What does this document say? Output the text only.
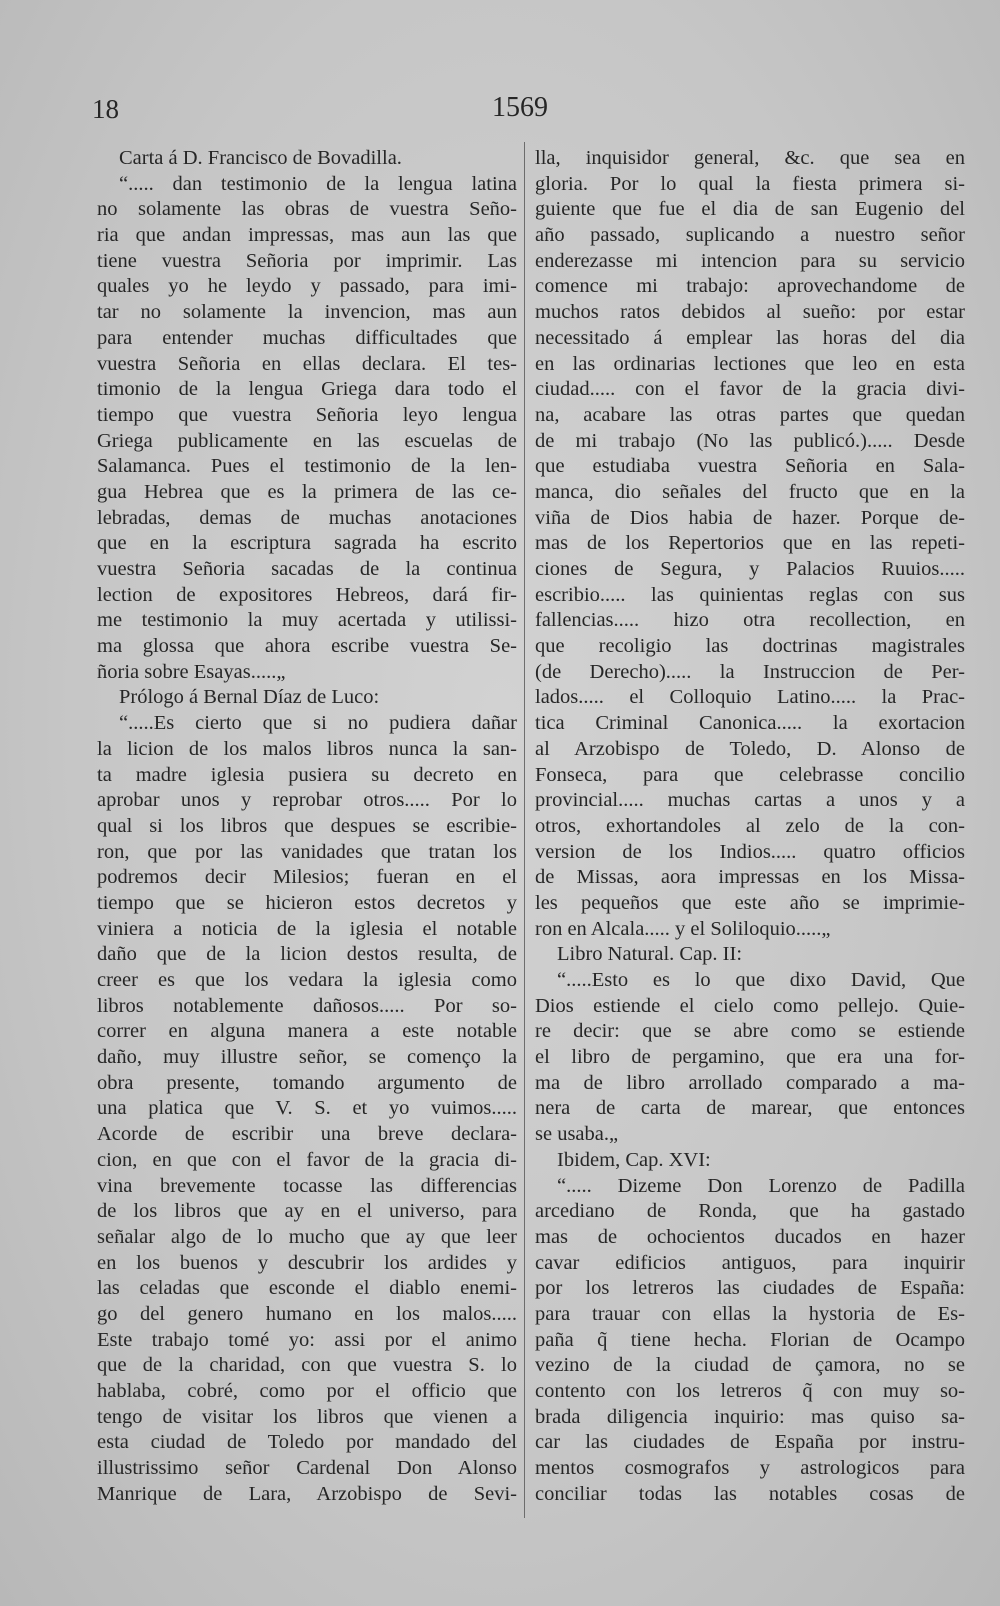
18	1569
Carta á D. Francisco de Bovadilla.
“..... dan testimonio de la lengua latina
no solamente las obras de vuestra Seño-
ria que andan impressas, mas aun las que
tiene vuestra Señoria por imprimir. Las
quales yo he leydo y passado, para imi-
tar no solamente la invencion, mas aun
para entender muchas difficultades que
vuestra Señoria en ellas declara. El tes-
timonio de la lengua Griega dara todo el
tiempo que vuestra Señoria leyo lengua
Griega publicamente en las escuelas de
Salamanca. Pues el testimonio de la len-
gua Hebrea que es la primera de las ce-
lebradas, demas de muchas anotaciones
que en la escriptura sagrada ha escrito
vuestra Señoria sacadas de la continua
lection de expositores Hebreos, dará fir-
me testimonio la muy acertada y utilissi-
ma glossa que ahora escribe vuestra Se-
ñoria sobre Esayas.....„
Prólogo á Bernal Díaz de Luco:
“.....Es cierto que si no pudiera dañar
la licion de los malos libros nunca la san-
ta madre iglesia pusiera su decreto en
aprobar unos y reprobar otros..... Por lo
qual si los libros que despues se escribie-
ron, que por las vanidades que tratan los
podremos decir Milesios; fueran en el
tiempo que se hicieron estos decretos y
viniera a noticia de la iglesia el notable
daño que de la licion destos resulta, de
creer es que los vedara la iglesia como
libros notablemente dañosos..... Por so-
correr en alguna manera a este notable
daño, muy illustre señor, se començo la
obra presente, tomando argumento de
una platica que V. S. et yo vuimos.....
Acorde de escribir una breve declara-
cion, en que con el favor de la gracia di-
vina brevemente tocasse las differencias
de los libros que ay en el universo, para
señalar algo de lo mucho que ay que leer
en los buenos y descubrir los ardides y
las celadas que esconde el diablo enemi-
go del genero humano en los malos.....
Este trabajo tomé yo: assi por el animo
que de la charidad, con que vuestra S. lo
hablaba, cobré, como por el officio que
tengo de visitar los libros que vienen a
esta ciudad de Toledo por mandado del
illustrissimo señor Cardenal Don Alonso
Manrique de Lara, Arzobispo de Sevi-
lla, inquisidor general, &c. que sea en
gloria. Por lo qual la fiesta primera si-
guiente que fue el dia de san Eugenio del
año passado, suplicando a nuestro señor
enderezasse mi intencion para su servicio
comence mi trabajo: aprovechandome de
muchos ratos debidos al sueño: por estar
necessitado á emplear las horas del dia
en las ordinarias lectiones que leo en esta
ciudad..... con el favor de la gracia divi-
na, acabare las otras partes que quedan
de mi trabajo (No las publicó.)..... Desde
que estudiaba vuestra Señoria en Sala-
manca, dio señales del fructo que en la
viña de Dios habia de hazer. Porque de-
mas de los Repertorios que en las repeti-
ciones de Segura, y Palacios Ruuios.....
escribio..... las quinientas reglas con sus
fallencias..... hizo otra recollection, en
que recoligio las doctrinas magistrales
(de Derecho)..... la Instruccion de Per-
lados..... el Colloquio Latino..... la Prac-
tica Criminal Canonica..... la exortacion
al Arzobispo de Toledo, D. Alonso de
Fonseca, para que celebrasse concilio
provincial..... muchas cartas a unos y a
otros, exhortandoles al zelo de la con-
version de los Indios..... quatro officios
de Missas, aora impressas en los Missa-
les pequeños que este año se imprimie-
ron en Alcala..... y el Soliloquio.....„
Libro Natural. Cap. II:
“.....Esto es lo que dixo David, Que
Dios estiende el cielo como pellejo. Quie-
re decir: que se abre como se estiende
el libro de pergamino, que era una for-
ma de libro arrollado comparado a ma-
nera de carta de marear, que entonces
se usaba.„
Ibidem, Cap. XVI:
“..... Dizeme Don Lorenzo de Padilla
arcediano de Ronda, que ha gastado
mas de ochocientos ducados en hazer
cavar edificios antiguos, para inquirir
por los letreros las ciudades de España:
para trauar con ellas la hystoria de Es-
paña q̃ tiene hecha. Florian de Ocampo
vezino de la ciudad de çamora, no se
contento con los letreros q̃ con muy so-
brada diligencia inquirio: mas quiso sa-
car las ciudades de España por instru-
mentos cosmografos y astrologicos para
conciliar todas las notables cosas de
